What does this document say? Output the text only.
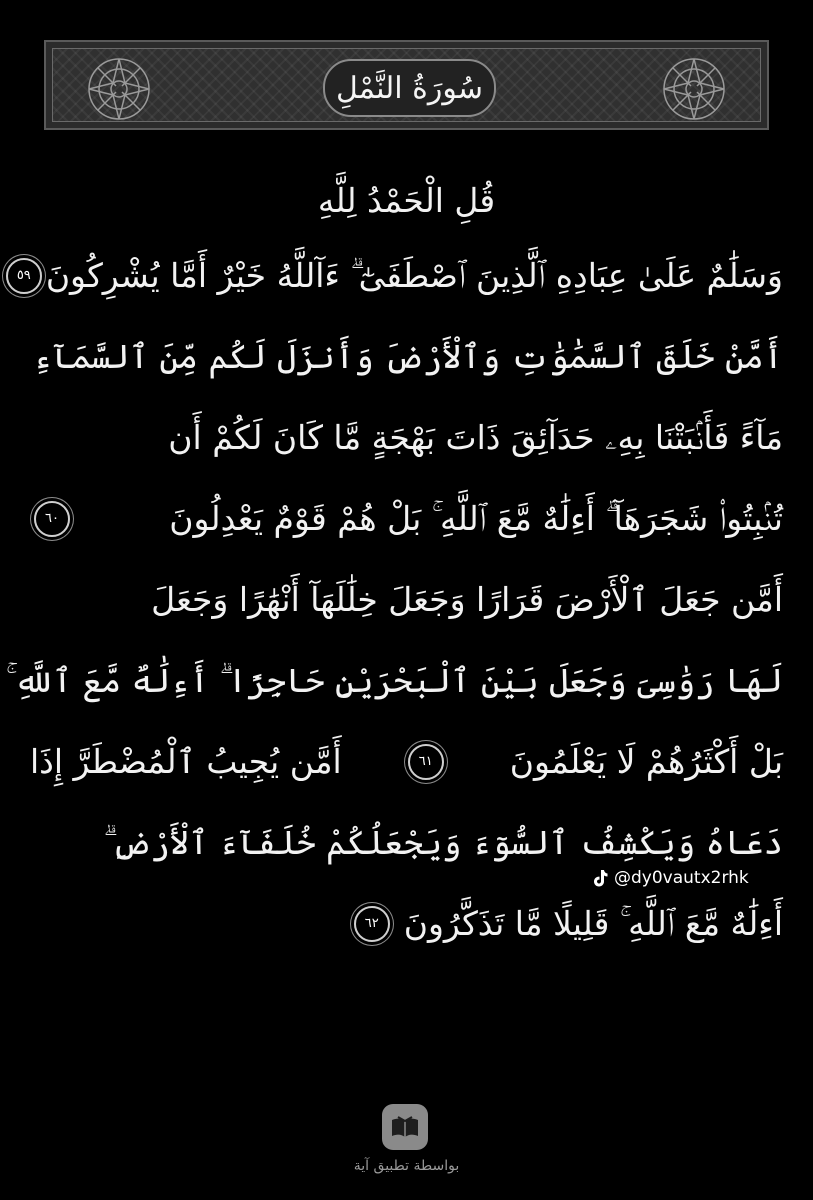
سُورَةُ النَّمْلِ
قُلِ الْحَمْدُ لِلَّهِ
وَسَلَٰمٌ عَلَىٰ عِبَادِهِ ٱلَّذِينَ ٱصْطَفَىٰٓ ۗ ءَآللَّهُ خَيْرٌ أَمَّا يُشْرِكُونَ
٥٩
أَمَّنْ خَلَقَ ٱلسَّمَٰوَٰتِ وَٱلْأَرْضَ وَأَنزَلَ لَكُم مِّنَ ٱلسَّمَآءِ
مَآءً فَأَنۢبَتْنَا بِهِۦ حَدَآئِقَ ذَاتَ بَهْجَةٍ مَّا كَانَ لَكُمْ أَن
تُنۢبِتُوا۟ شَجَرَهَآ ۗ أَءِلَٰهٌ مَّعَ ٱللَّهِ ۚ بَلْ هُمْ قَوْمٌ يَعْدِلُونَ
٦٠
أَمَّن جَعَلَ ٱلْأَرْضَ قَرَارًا وَجَعَلَ خِلَٰلَهَآ أَنْهَٰرًا وَجَعَلَ
لَهَا رَوَٰسِىَ وَجَعَلَ بَيْنَ ٱلْبَحْرَيْنِ حَاجِزًا ۗ أَءِلَٰهٌ مَّعَ ٱللَّهِ ۚ
بَلْ أَكْثَرُهُمْ لَا يَعْلَمُونَ
٦١
أَمَّن يُجِيبُ ٱلْمُضْطَرَّ إِذَا
دَعَاهُ وَيَكْشِفُ ٱلسُّوٓءَ وَيَجْعَلُكُمْ خُلَفَآءَ ٱلْأَرْضِ ۗ
أَءِلَٰهٌ مَّعَ ٱللَّهِ ۚ قَلِيلًا مَّا تَذَكَّرُونَ
٦٢
@dy0vautx2rhk
بواسطة تطبيق آية
